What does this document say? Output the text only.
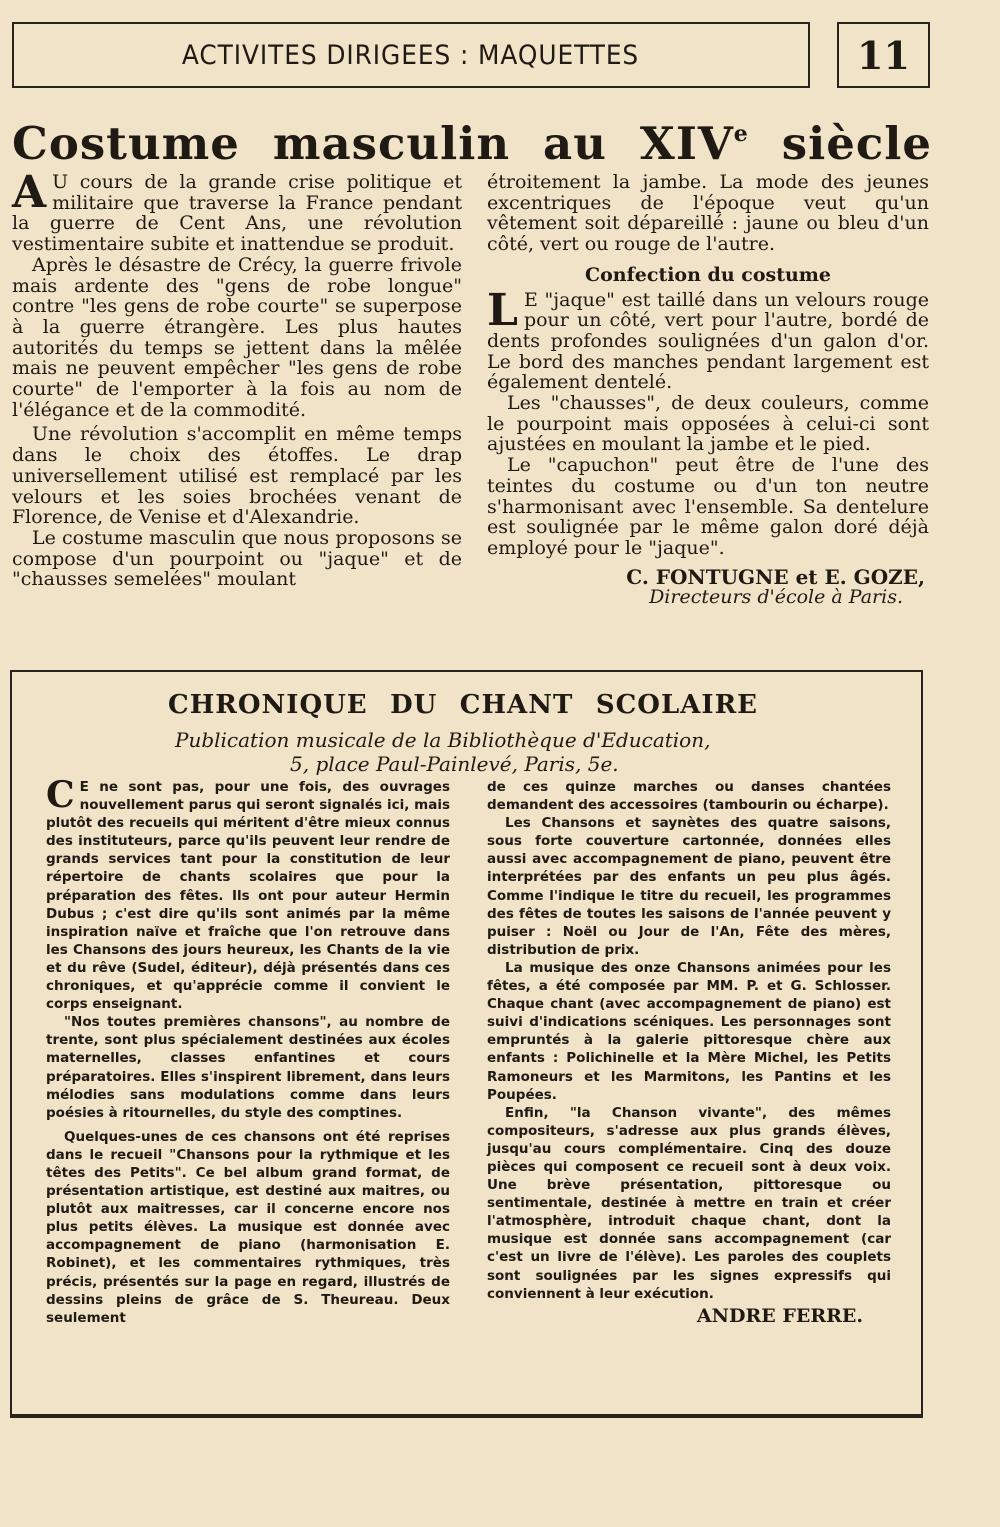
ACTIVITES DIRIGEES : MAQUETTES	11
Costume masculin au XIVe siècle

A U cours de la grande crise politique et militaire que traverse la France pendant la guerre de Cent Ans, une révolution vestimentaire subite et inattendue se produit.

Après le désastre de Crécy, la guerre frivole mais ardente des "gens de robe longue" contre "les gens de robe courte" se superpose à la guerre étrangère. Les plus hautes autorités du temps se jettent dans la mêlée mais ne peuvent empêcher "les gens de robe courte" de l'emporter à la fois au nom de l'élégance et de la commodité.

Une révolution s'accomplit en même temps dans le choix des étoffes. Le drap universellement utilisé est remplacé par les velours et les soies brochées venant de Florence, de Venise et d'Alexandrie.

Le costume masculin que nous proposons se compose d'un pourpoint ou "jaque" et de "chausses semelées" moulant

étroitement la jambe. La mode des jeunes excentriques de l'époque veut qu'un vêtement soit dépareillé : jaune ou bleu d'un côté, vert ou rouge de l'autre.

Confection du costume

L E "jaque" est taillé dans un velours rouge pour un côté, vert pour l'autre, bordé de dents profondes soulignées d'un galon d'or. Le bord des manches pendant largement est également dentelé.

Les "chausses", de deux couleurs, comme le pourpoint mais opposées à celui-ci sont ajustées en moulant la jambe et le pied.

Le "capuchon" peut être de l'une des teintes du costume ou d'un ton neutre s'harmonisant avec l'ensemble. Sa dentelure est soulignée par le même galon doré déjà employé pour le "jaque".

C. FONTUGNE et E. GOZE,
Directeurs d'école à Paris.
CHRONIQUE DU CHANT SCOLAIRE
Publication musicale de la Bibliothèque d'Education,
5, place Paul-Painlevé, Paris, 5e.

C E ne sont pas, pour une fois, des ouvrages nouvellement parus qui seront signalés ici, mais plutôt des recueils qui méritent d'être mieux connus des instituteurs, parce qu'ils peuvent leur rendre de grands services tant pour la constitution de leur répertoire de chants scolaires que pour la préparation des fêtes. Ils ont pour auteur Hermin Dubus ; c'est dire qu'ils sont animés par la même inspiration naïve et fraîche que l'on retrouve dans les Chansons des jours heureux, les Chants de la vie et du rêve (Sudel, éditeur), déjà présentés dans ces chroniques, et qu'apprécie comme il convient le corps enseignant.

"Nos toutes premières chansons", au nombre de trente, sont plus spécialement destinées aux écoles maternelles, classes enfantines et cours préparatoires. Elles s'inspirent librement, dans leurs mélodies sans modulations comme dans leurs poésies à ritournelles, du style des comptines.

Quelques-unes de ces chansons ont été reprises dans le recueil "Chansons pour la rythmique et les têtes des Petits". Ce bel album grand format, de présentation artistique, est destiné aux maitres, ou plutôt aux maitresses, car il concerne encore nos plus petits élèves. La musique est donnée avec accompagnement de piano (harmonisation E. Robinet), et les commentaires rythmiques, très précis, présentés sur la page en regard, illustrés de dessins pleins de grâce de S. Theureau. Deux seulement

de ces quinze marches ou danses chantées demandent des accessoires (tambourin ou écharpe).

Les Chansons et saynètes des quatre saisons, sous forte couverture cartonnée, données elles aussi avec accompagnement de piano, peuvent être interprétées par des enfants un peu plus âgés. Comme l'indique le titre du recueil, les programmes des fêtes de toutes les saisons de l'année peuvent y puiser : Noël ou Jour de l'An, Fête des mères, distribution de prix.

La musique des onze Chansons animées pour les fêtes, a été composée par MM. P. et G. Schlosser. Chaque chant (avec accompagnement de piano) est suivi d'indications scéniques. Les personnages sont empruntés à la galerie pittoresque chère aux enfants : Polichinelle et la Mère Michel, les Petits Ramoneurs et les Marmitons, les Pantins et les Poupées.

Enfin, "la Chanson vivante", des mêmes compositeurs, s'adresse aux plus grands élèves, jusqu'au cours complémentaire. Cinq des douze pièces qui composent ce recueil sont à deux voix. Une brève présentation, pittoresque ou sentimentale, destinée à mettre en train et créer l'atmosphère, introduit chaque chant, dont la musique est donnée sans accompagnement (car c'est un livre de l'élève). Les paroles des couplets sont soulignées par les signes expressifs qui conviennent à leur exécution.

ANDRE FERRE.
